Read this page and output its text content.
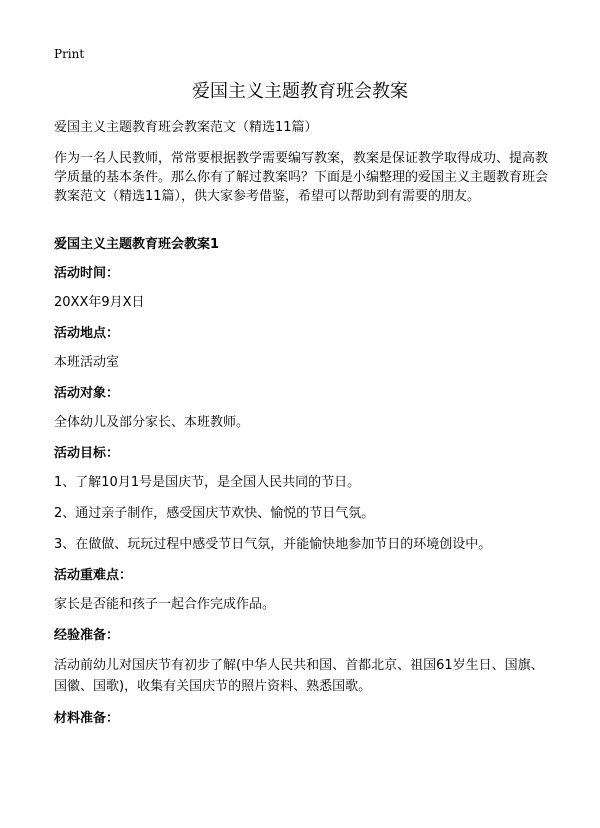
Print
爱国主义主题教育班会教案
爱国主义主题教育班会教案范文（精选11篇）
作为一名人民教师，常常要根据教学需要编写教案，教案是保证教学取得成功、提高教学质量的基本条件。那么你有了解过教案吗？下面是小编整理的爱国主义主题教育班会教案范文（精选11篇），供大家参考借鉴，希望可以帮助到有需要的朋友。
爱国主义主题教育班会教案1
活动时间：
20XX年9月X日
活动地点：
本班活动室
活动对象：
全体幼儿及部分家长、本班教师。
活动目标：
1、了解10月1号是国庆节，是全国人民共同的节日。
2、通过亲子制作，感受国庆节欢快、愉悦的节日气氛。
3、在做做、玩玩过程中感受节日气氛，并能愉快地参加节日的环境创设中。
活动重难点：
家长是否能和孩子一起合作完成作品。
经验准备：
活动前幼儿对国庆节有初步了解(中华人民共和国、首都北京、祖国61岁生日、国旗、国徽、国歌)，收集有关国庆节的照片资料、熟悉国歌。
材料准备：
